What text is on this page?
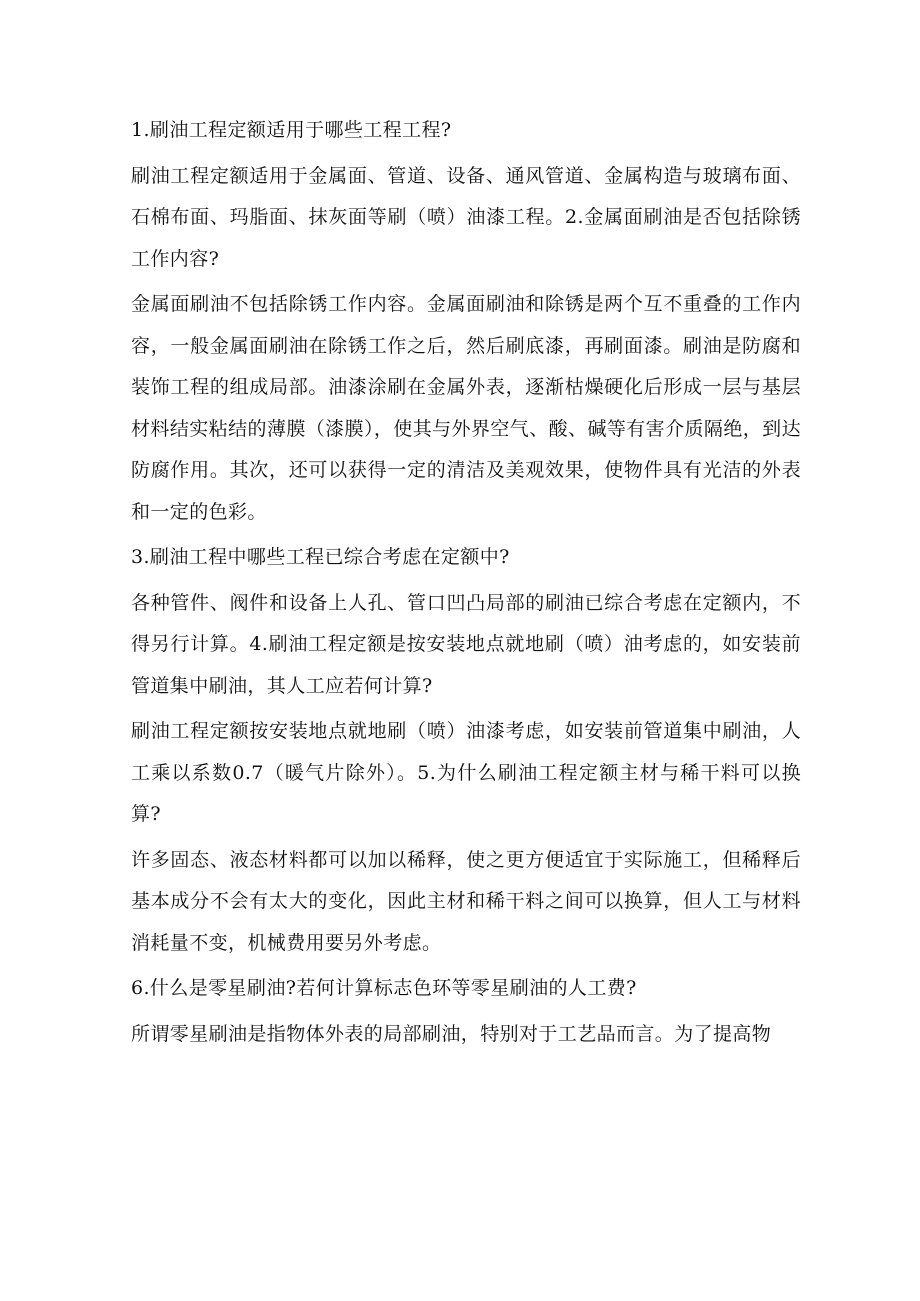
1.刷油工程定额适用于哪些工程工程?

刷油工程定额适用于金属面、管道、设备、通风管道、金属构造与玻璃布面、石棉布面、玛脂面、抹灰面等刷（喷）油漆工程。2.金属面刷油是否包括除锈工作内容?

金属面刷油不包括除锈工作内容。金属面刷油和除锈是两个互不重叠的工作内容，一般金属面刷油在除锈工作之后，然后刷底漆，再刷面漆。刷油是防腐和装饰工程的组成局部。油漆涂刷在金属外表，逐渐枯燥硬化后形成一层与基层材料结实粘结的薄膜（漆膜），使其与外界空气、酸、碱等有害介质隔绝，到达防腐作用。其次，还可以获得一定的清洁及美观效果，使物件具有光洁的外表和一定的色彩。

3.刷油工程中哪些工程已综合考虑在定额中?

各种管件、阀件和设备上人孔、管口凹凸局部的刷油已综合考虑在定额内，不得另行计算。4.刷油工程定额是按安装地点就地刷（喷）油考虑的，如安装前管道集中刷油，其人工应若何计算?

刷油工程定额按安装地点就地刷（喷）油漆考虑，如安装前管道集中刷油，人工乘以系数0.7（暖气片除外）。5.为什么刷油工程定额主材与稀干料可以换算?

许多固态、液态材料都可以加以稀释，使之更方便适宜于实际施工，但稀释后基本成分不会有太大的变化，因此主材和稀干料之间可以换算，但人工与材料消耗量不变，机械费用要另外考虑。

6.什么是零星刷油?若何计算标志色环等零星刷油的人工费?

所谓零星刷油是指物体外表的局部刷油，特别对于工艺品而言。为了提高物
